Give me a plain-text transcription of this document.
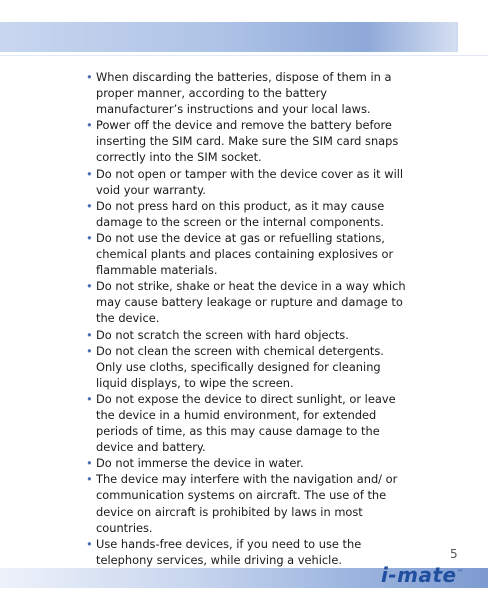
• When discarding the batteries, dispose of them in a proper manner, according to the battery manufacturer’s instructions and your local laws.
• Power off the device and remove the battery before inserting the SIM card. Make sure the SIM card snaps correctly into the SIM socket.
• Do not open or tamper with the device cover as it will void your warranty.
• Do not press hard on this product, as it may cause damage to the screen or the internal components.
• Do not use the device at gas or refuelling stations, chemical plants and places containing explosives or flammable materials.
• Do not strike, shake or heat the device in a way which may cause battery leakage or rupture and damage to the device.
• Do not scratch the screen with hard objects.
• Do not clean the screen with chemical detergents. Only use cloths, specifically designed for cleaning liquid displays, to wipe the screen.
• Do not expose the device to direct sunlight, or leave the device in a humid environment, for extended periods of time, as this may cause damage to the device and battery.
• Do not immerse the device in water.
• The device may interfere with the navigation and/ or communication systems on aircraft. The use of the device on aircraft is prohibited by laws in most countries.
• Use hands-free devices, if you need to use the telephony services, while driving a vehicle.	5
i-mate™
